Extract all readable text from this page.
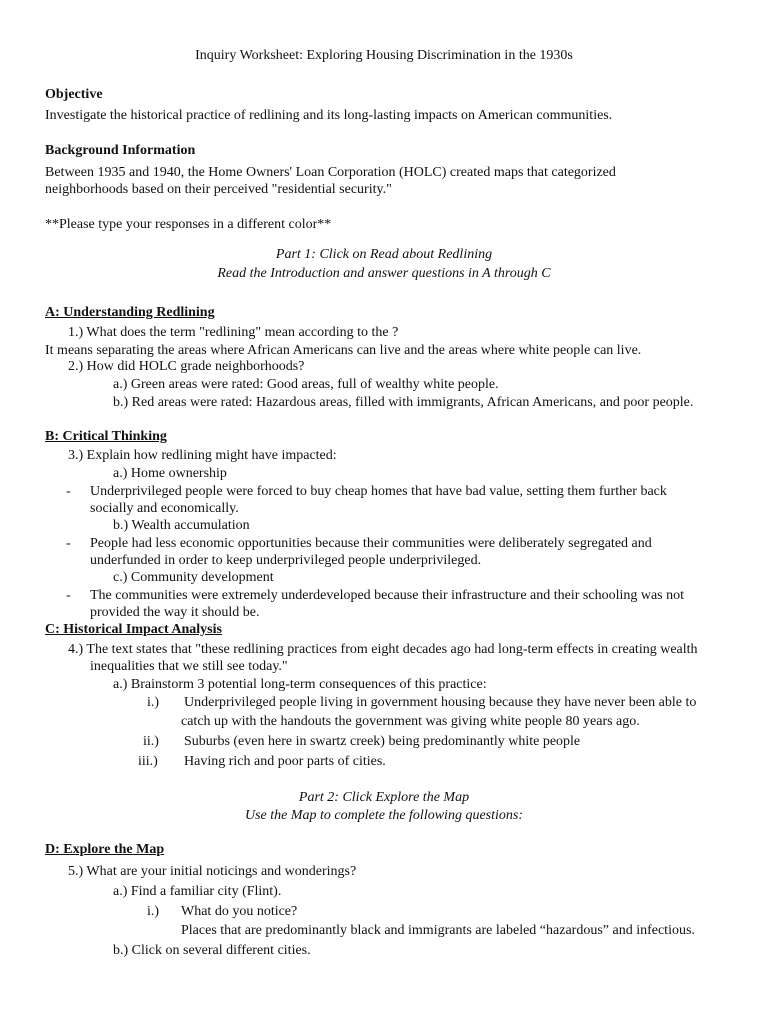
Inquiry Worksheet: Exploring Housing Discrimination in the 1930s
Objective
Investigate the historical practice of redlining and its long-lasting impacts on American communities.
Background Information
Between 1935 and 1940, the Home Owners' Loan Corporation (HOLC) created maps that categorized
neighborhoods based on their perceived "residential security."
**Please type your responses in a different color**
Part 1: Click on Read about Redlining
Read the Introduction and answer questions in A through C
A: Understanding Redlining
1.) What does the term "redlining" mean according to the ?
It means separating the areas where African Americans can live and the areas where white people can live.
2.) How did HOLC grade neighborhoods?
a.) Green areas were rated: Good areas, full of wealthy white people.
b.) Red areas were rated: Hazardous areas, filled with immigrants, African Americans, and poor people.
B: Critical Thinking
3.) Explain how redlining might have impacted:
a.) Home ownership
- Underprivileged people were forced to buy cheap homes that have bad value, setting them further back
socially and economically.
b.) Wealth accumulation
- People had less economic opportunities because their communities were deliberately segregated and
underfunded in order to keep underprivileged people underprivileged.
c.) Community development
- The communities were extremely underdeveloped because their infrastructure and their schooling was not
provided the way it should be.
C: Historical Impact Analysis
4.) The text states that "these redlining practices from eight decades ago had long-term effects in creating wealth
inequalities that we still see today."
a.) Brainstorm 3 potential long-term consequences of this practice:
i.) Underprivileged people living in government housing because they have never been able to
catch up with the handouts the government was giving white people 80 years ago.
ii.) Suburbs (even here in swartz creek) being predominantly white people
iii.) Having rich and poor parts of cities.
Part 2: Click Explore the Map
Use the Map to complete the following questions:
D: Explore the Map
5.) What are your initial noticings and wonderings?
a.) Find a familiar city (Flint).
i.) What do you notice?
Places that are predominantly black and immigrants are labeled “hazardous” and infectious.
b.) Click on several different cities.
